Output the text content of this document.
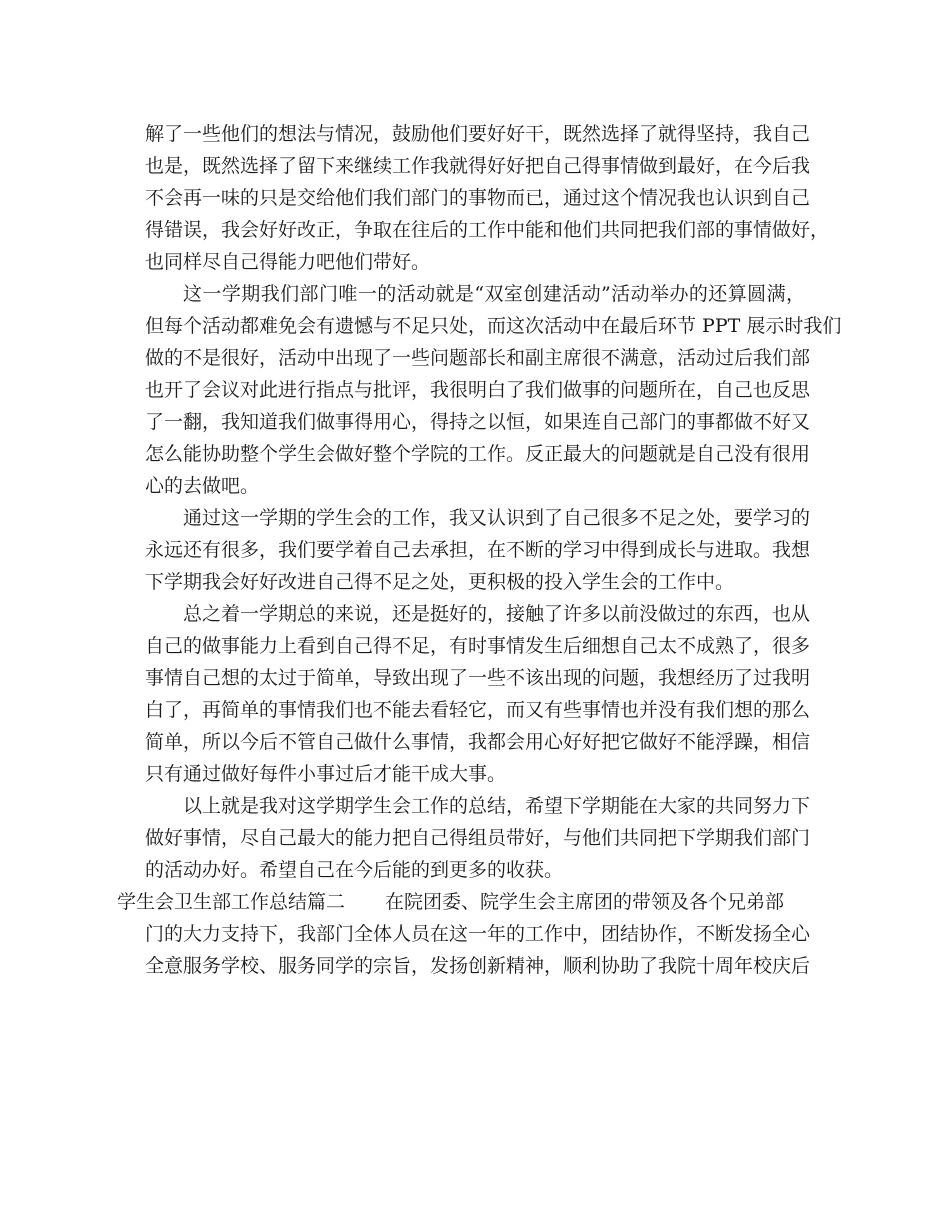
解了一些他们的想法与情况，鼓励他们要好好干，既然选择了就得坚持，我自己
也是，既然选择了留下来继续工作我就得好好把自己得事情做到最好，在今后我
不会再一味的只是交给他们我们部门的事物而已，通过这个情况我也认识到自己
得错误，我会好好改正，争取在往后的工作中能和他们共同把我们部的事情做好，
也同样尽自己得能力吧他们带好。
这一学期我们部门唯一的活动就是“双室创建活动”活动举办的还算圆满，
但每个活动都难免会有遗憾与不足只处，而这次活动中在最后环节 PPT 展示时我们
做的不是很好，活动中出现了一些问题部长和副主席很不满意，活动过后我们部
也开了会议对此进行指点与批评，我很明白了我们做事的问题所在，自己也反思
了一翻，我知道我们做事得用心，得持之以恒，如果连自己部门的事都做不好又
怎么能协助整个学生会做好整个学院的工作。反正最大的问题就是自己没有很用
心的去做吧。
通过这一学期的学生会的工作，我又认识到了自己很多不足之处，要学习的
永远还有很多，我们要学着自己去承担，在不断的学习中得到成长与进取。我想
下学期我会好好改进自己得不足之处，更积极的投入学生会的工作中。
总之着一学期总的来说，还是挺好的，接触了许多以前没做过的东西，也从
自己的做事能力上看到自己得不足，有时事情发生后细想自己太不成熟了，很多
事情自己想的太过于简单，导致出现了一些不该出现的问题，我想经历了过我明
白了，再简单的事情我们也不能去看轻它，而又有些事情也并没有我们想的那么
简单，所以今后不管自己做什么事情，我都会用心好好把它做好不能浮躁，相信
只有通过做好每件小事过后才能干成大事。
以上就是我对这学期学生会工作的总结，希望下学期能在大家的共同努力下
做好事情，尽自己最大的能力把自己得组员带好，与他们共同把下学期我们部门
的活动办好。希望自己在今后能的到更多的收获。
学生会卫生部工作总结篇二 在院团委、院学生会主席团的带领及各个兄弟部
门的大力支持下，我部门全体人员在这一年的工作中，团结协作，不断发扬全心
全意服务学校、服务同学的宗旨，发扬创新精神，顺利协助了我院十周年校庆后
